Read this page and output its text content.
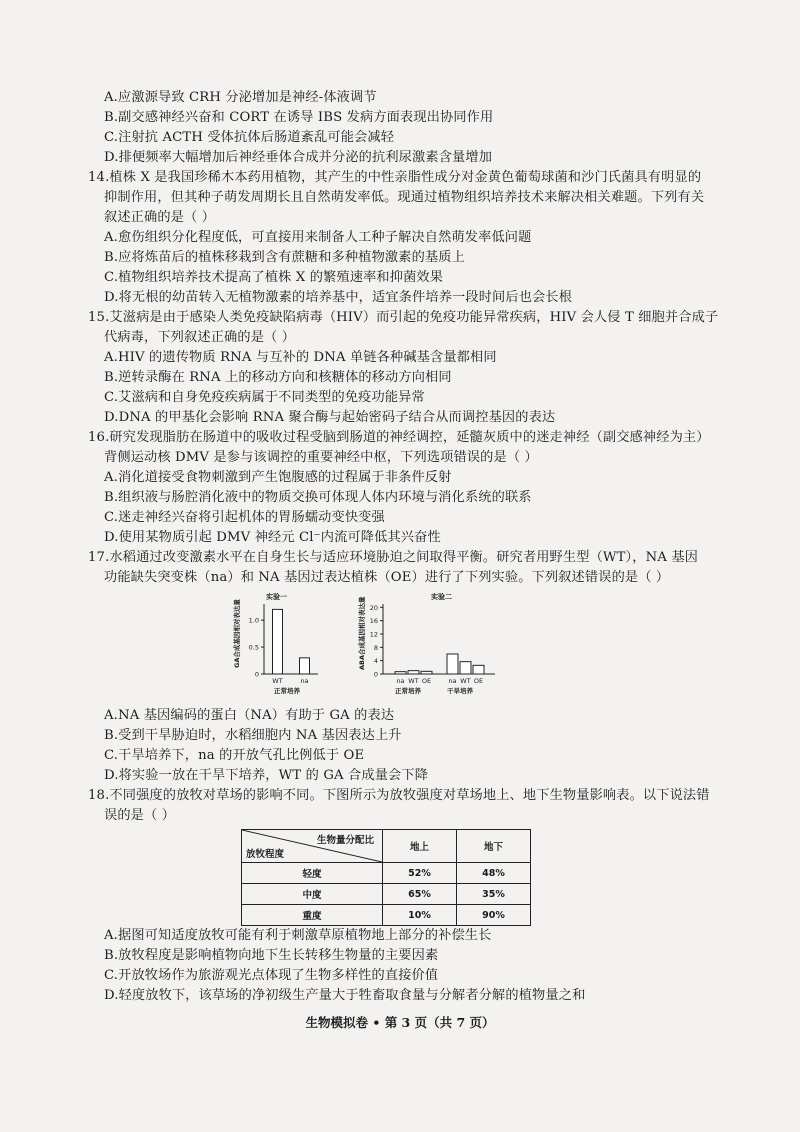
A.应激源导致 CRH 分泌增加是神经-体液调节
B.副交感神经兴奋和 CORT 在诱导 IBS 发病方面表现出协同作用
C.注射抗 ACTH 受体抗体后肠道紊乱可能会减轻
D.排便频率大幅增加后神经垂体合成并分泌的抗利尿激素含量增加
14.植株 X 是我国珍稀木本药用植物，其产生的中性亲脂性成分对金黄色葡萄球菌和沙门氏菌具有明显的
抑制作用，但其种子萌发周期长且自然萌发率低。现通过植物组织培养技术来解决相关难题。下列有关
叙述正确的是（ ）
A.愈伤组织分化程度低，可直接用来制备人工种子解决自然萌发率低问题
B.应将炼苗后的植株移栽到含有蔗糖和多种植物激素的基质上
C.植物组织培养技术提高了植株 X 的繁殖速率和抑菌效果
D.将无根的幼苗转入无植物激素的培养基中，适宜条件培养一段时间后也会长根
15.艾滋病是由于感染人类免疫缺陷病毒（HIV）而引起的免疫功能异常疾病，HIV 会人侵 T 细胞并合成子
代病毒，下列叙述正确的是（ ）
A.HIV 的遗传物质 RNA 与互补的 DNA 单链各种碱基含量都相同
B.逆转录酶在 RNA 上的移动方向和核糖体的移动方向相同
C.艾滋病和自身免疫疾病属于不同类型的免疫功能异常
D.DNA 的甲基化会影响 RNA 聚合酶与起始密码子结合从而调控基因的表达
16.研究发现脂肪在肠道中的吸收过程受脑到肠道的神经调控，延髓灰质中的迷走神经（副交感神经为主）
背侧运动核 DMV 是参与该调控的重要神经中枢，下列选项错误的是（ ）
A.消化道接受食物刺激到产生饱腹感的过程属于非条件反射
B.组织液与肠腔消化液中的物质交换可体现人体内环境与消化系统的联系
C.迷走神经兴奋将引起机体的胃肠蠕动变快变强
D.使用某物质引起 DMV 神经元 Cl⁻内流可降低其兴奋性
17.水稻通过改变激素水平在自身生长与适应环境胁迫之间取得平衡。研究者用野生型（WT），NA 基因
功能缺失突变株（na）和 NA 基因过表达植株（OE）进行了下列实验。下列叙述错误的是（ ）
GA合成基因相对表达量
实验一
0
0.5
1.0
WT	na
正常培养
ABA合成基因相对表达量	实验二
0
4
8
12
16
20
na WT OE	na WT OE
正常培养	干旱培养
A.NA 基因编码的蛋白（NA）有助于 GA 的表达
B.受到干旱胁迫时，水稻细胞内 NA 基因表达上升
C.干旱培养下，na 的开放气孔比例低于 OE
D.将实验一放在干旱下培养，WT 的 GA 合成量会下降
18.不同强度的放牧对草场的影响不同。下图所示为放牧强度对草场地上、地下生物量影响表。以下说法错
误的是（ ）
生物量分配比
放牧程度	地上	地下
轻度	52%	48%
中度	65%	35%
重度	10%	90%
A.据图可知适度放牧可能有利于刺激草原植物地上部分的补偿生长
B.放牧程度是影响植物向地下生长转移生物量的主要因素
C.开放牧场作为旅游观光点体现了生物多样性的直接价值
D.轻度放牧下，该草场的净初级生产量大于牲畜取食量与分解者分解的植物量之和
生物模拟卷 • 第 3 页（共 7 页）
